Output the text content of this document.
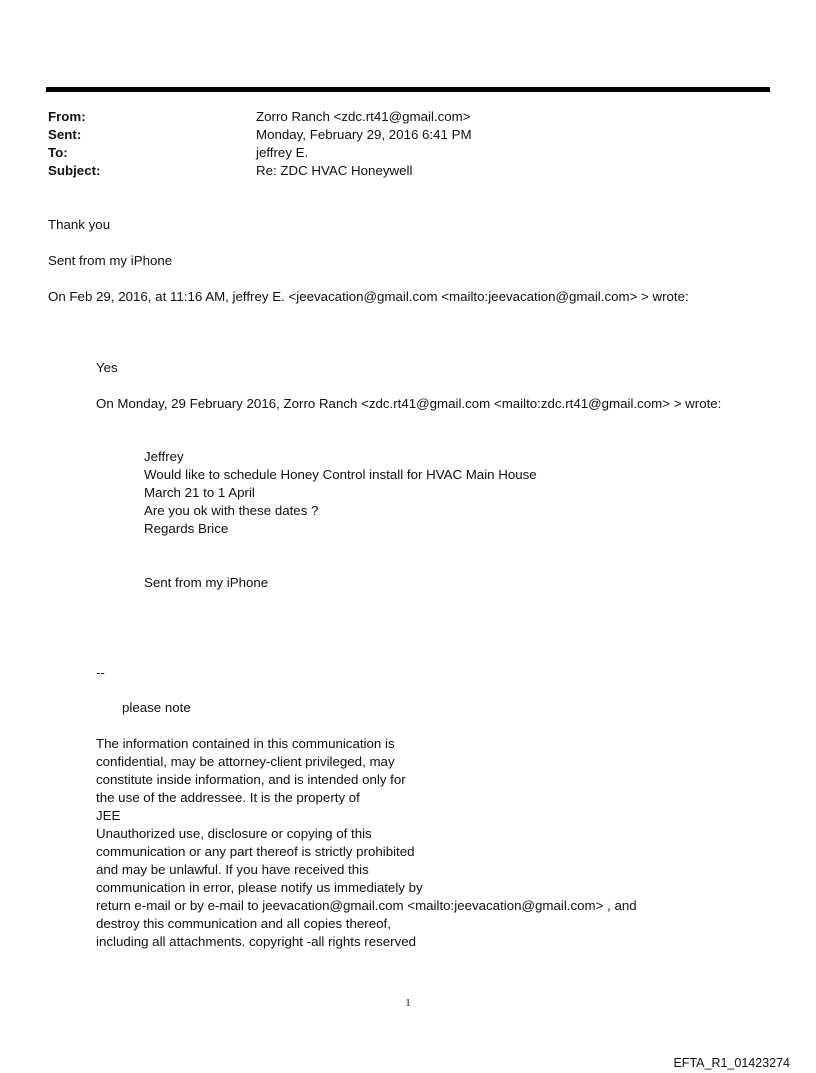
From:	Zorro Ranch <zdc.rt41@gmail.com>
Sent:	Monday, February 29, 2016 6:41 PM
To:	jeffrey E.
Subject:	Re: ZDC HVAC Honeywell
Thank you
Sent from my iPhone
On Feb 29, 2016, at 11:16 AM, jeffrey E. <jeevacation@gmail.com <mailto:jeevacation@gmail.com> > wrote:
Yes
On Monday, 29 February 2016, Zorro Ranch <zdc.rt41@gmail.com <mailto:zdc.rt41@gmail.com> > wrote:
Jeffrey
Would like to schedule Honey Control install for HVAC Main House
March 21 to 1 April
Are you ok with these dates ?
Regards Brice
Sent from my iPhone
--
please note
The information contained in this communication is
confidential, may be attorney-client privileged, may
constitute inside information, and is intended only for
the use of the addressee. It is the property of
JEE
Unauthorized use, disclosure or copying of this
communication or any part thereof is strictly prohibited
and may be unlawful. If you have received this
communication in error, please notify us immediately by
return e-mail or by e-mail to jeevacation@gmail.com <mailto:jeevacation@gmail.com> , and
destroy this communication and all copies thereof,
including all attachments. copyright -all rights reserved
1
EFTA_R1_01423274
